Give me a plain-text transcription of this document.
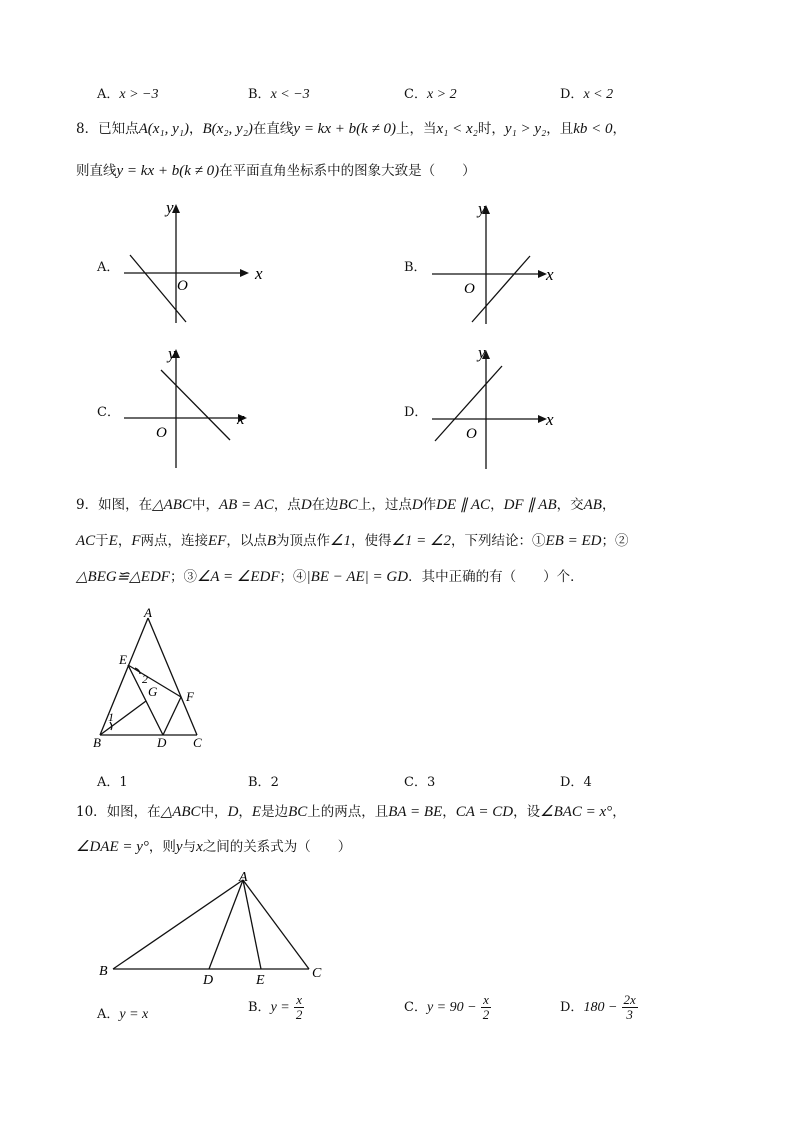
A．x > −3	B．x < −3	C．x > 2	D．x < 2
8．已知点A(x₁, y₁)，B(x₂, y₂)在直线y = kx + b(k ≠ 0)上，当x₁ < x₂时，y₁ > y₂，且kb < 0，
则直线y = kx + b(k ≠ 0)在平面直角坐标系中的图象大致是（　　）
A．	x
y
O
B．	x
y
O
C．	x
y
O
D．	x
y
O
9．如图，在△ABC中，AB = AC，点D在边BC上，过点D作DE ∥ AC，DF ∥ AB，交AB，
AC于E，F两点，连接EF，以点B为顶点作∠1，使得∠1 = ∠2，下列结论：①EB = ED；②
△BEG≌△EDF；③∠A = ∠EDF；④|BE − AE| = GD．其中正确的有（　　）个．
A
B	C
D
E
F
G
1
2
A．1	B．2	C．3	D．4
10．如图，在△ABC中，D，E是边BC上的两点，且BA = BE，CA = CD，设∠BAC = x°，
∠DAE = y°，则y与x之间的关系式为（　　）
A
B	C
D	E
A．y = x	B．$y = \frac{x}{2}$	C．$y = 90 - \frac{x}{2}$	D．$180 - \frac{2x}{3}$
